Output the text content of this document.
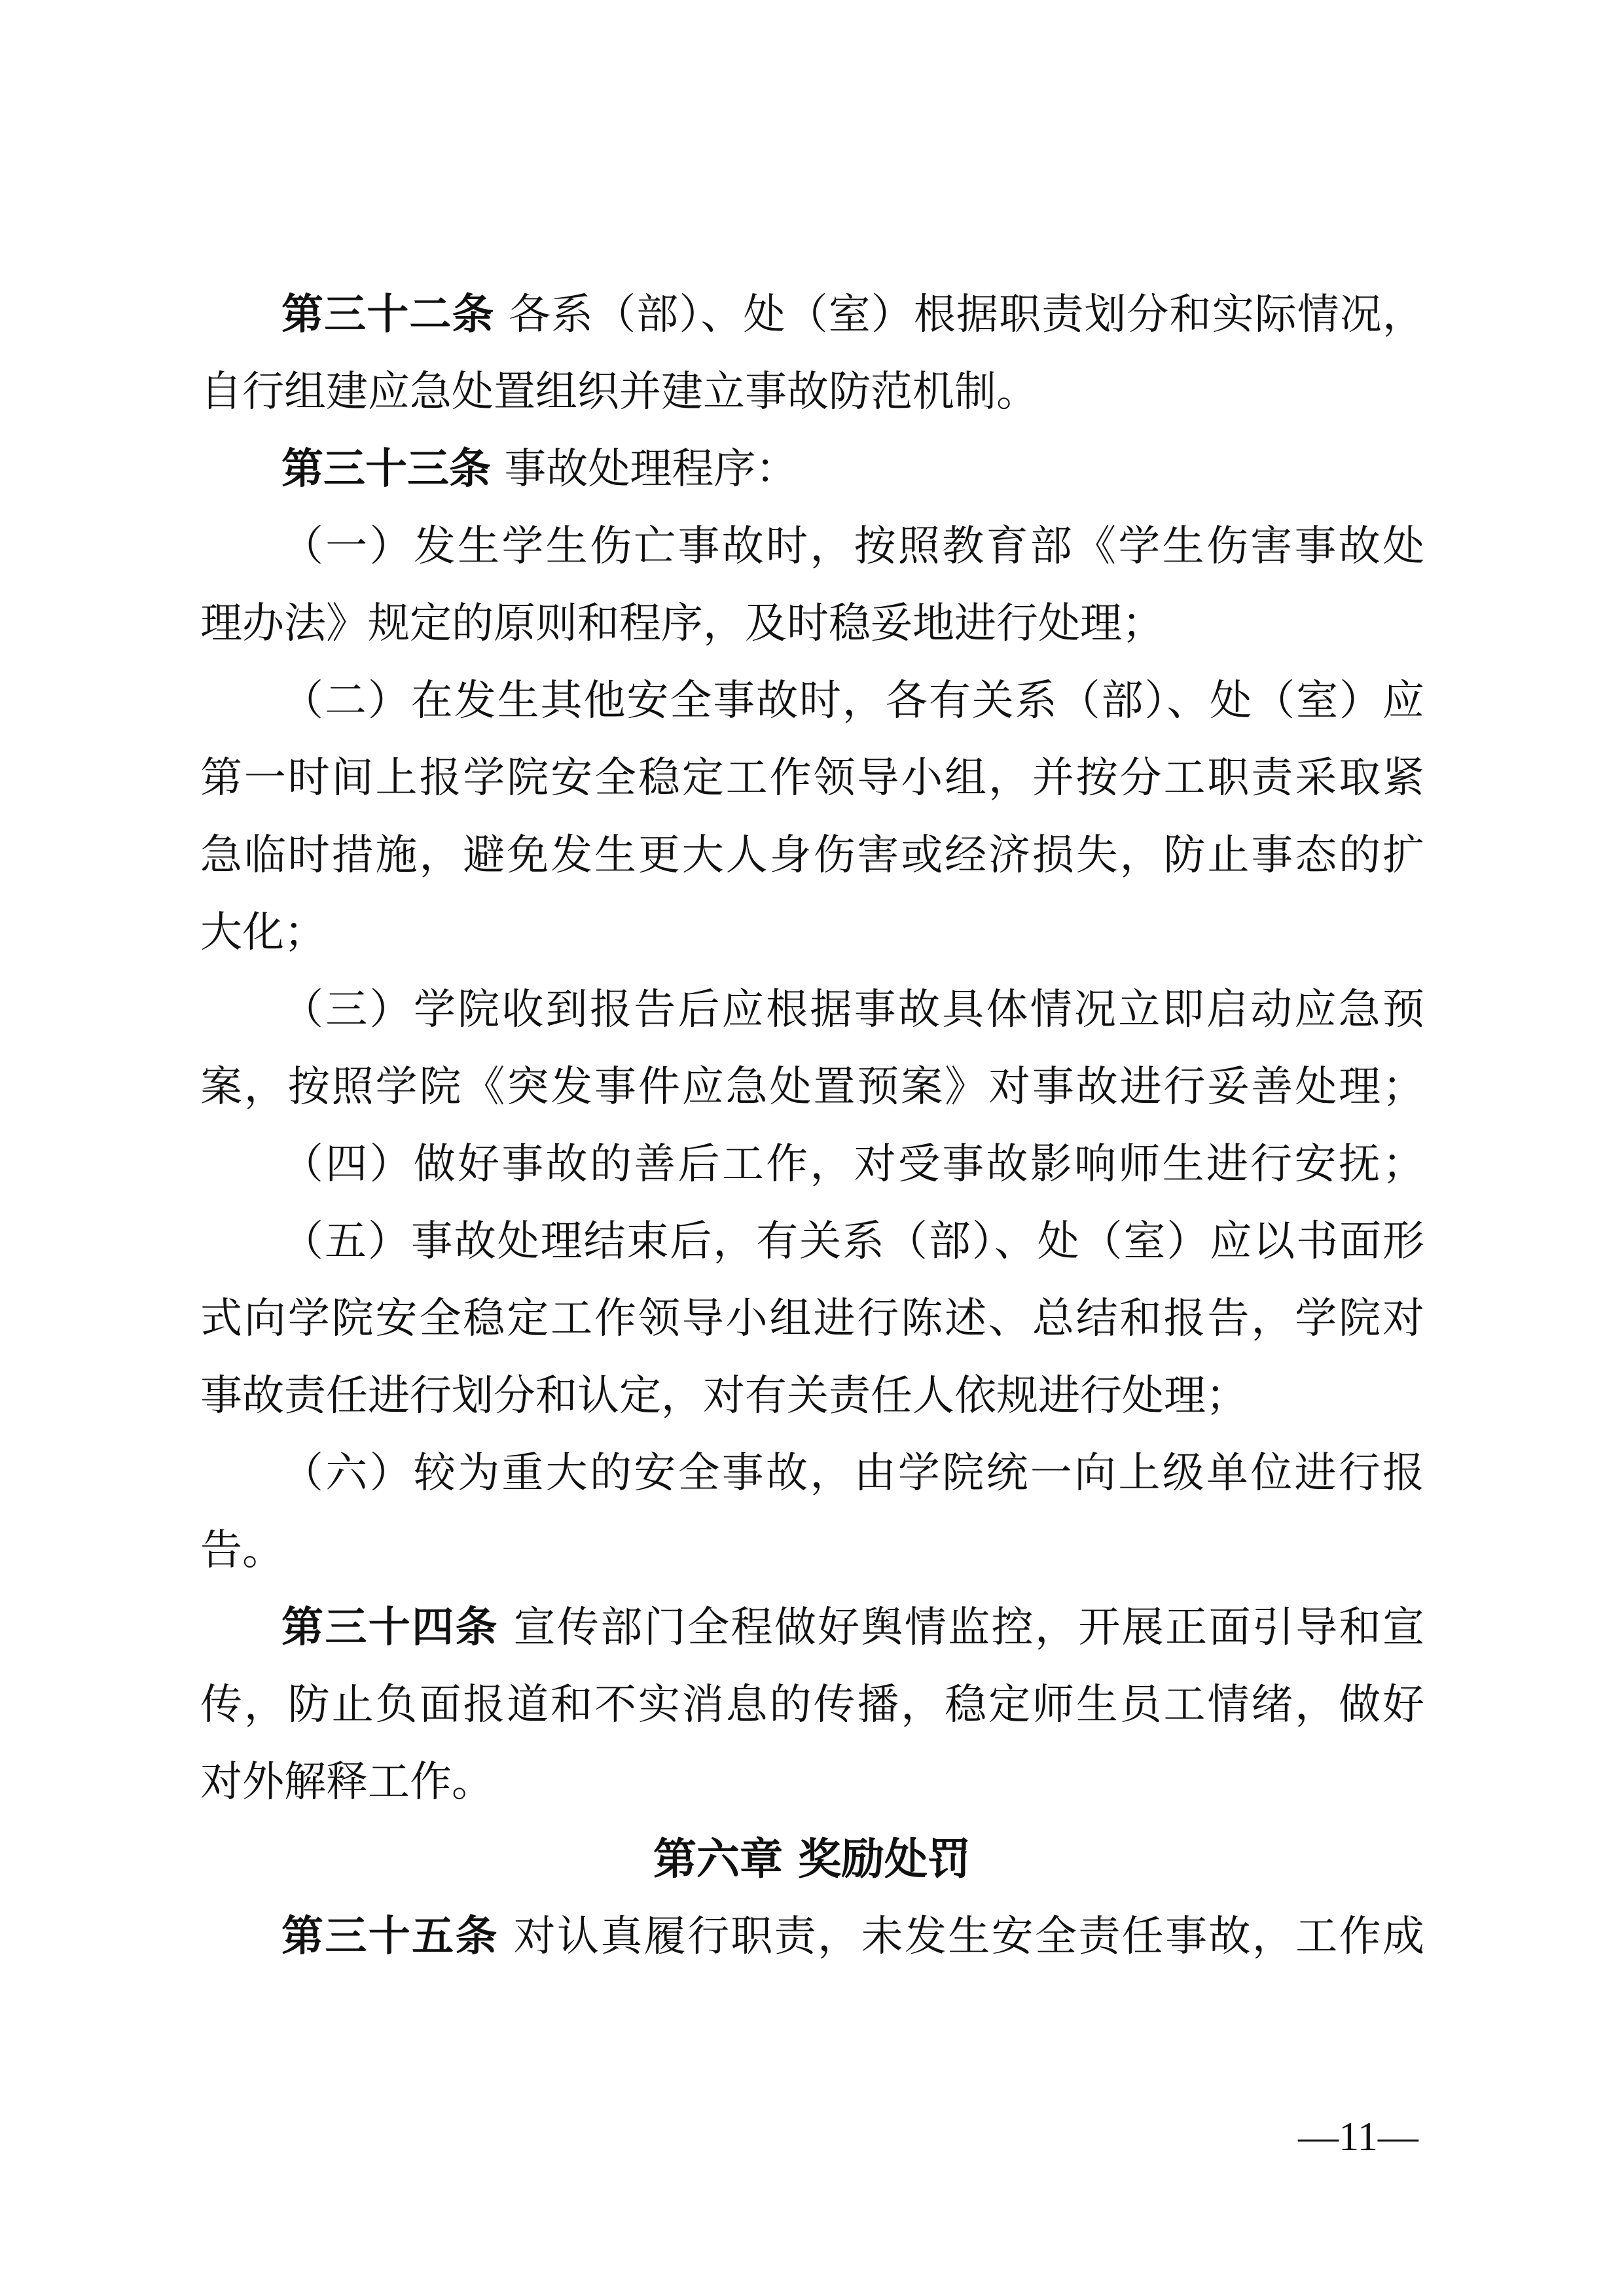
第三十二条 各系（部）、处（室）根据职责划分和实际情况，
自行组建应急处置组织并建立事故防范机制。
第三十三条 事故处理程序：
（一）发生学生伤亡事故时，按照教育部《学生伤害事故处
理办法》规定的原则和程序，及时稳妥地进行处理；
（二）在发生其他安全事故时，各有关系（部）、处（室）应
第一时间上报学院安全稳定工作领导小组，并按分工职责采取紧
急临时措施，避免发生更大人身伤害或经济损失，防止事态的扩
大化；
（三）学院收到报告后应根据事故具体情况立即启动应急预
案，按照学院《突发事件应急处置预案》对事故进行妥善处理；
（四）做好事故的善后工作，对受事故影响师生进行安抚；
（五）事故处理结束后，有关系（部）、处（室）应以书面形
式向学院安全稳定工作领导小组进行陈述、总结和报告，学院对
事故责任进行划分和认定，对有关责任人依规进行处理；
（六）较为重大的安全事故，由学院统一向上级单位进行报
告。
第三十四条 宣传部门全程做好舆情监控，开展正面引导和宣
传，防止负面报道和不实消息的传播，稳定师生员工情绪，做好
对外解释工作。
第六章 奖励处罚
第三十五条 对认真履行职责，未发生安全责任事故，工作成
—11—
